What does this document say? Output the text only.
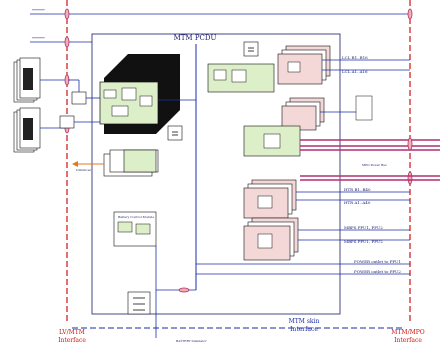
━━━━━━━
━━━━━━━	MTM PCDU
Umbilical
Battery Control Module
BATTERY Simulator
LCL B1..B16
LCL A1..A16
MPO Power Bus
HTR B1..B40
HTR A1..A40
MBPS PPU1, PPU2
MBPS PPU1, PPU2
POWER outlet to PPU1
POWER outlet to PPU2
LV/MTM
Interface
MTM/MPO
Interface
MTM skin
Interface
